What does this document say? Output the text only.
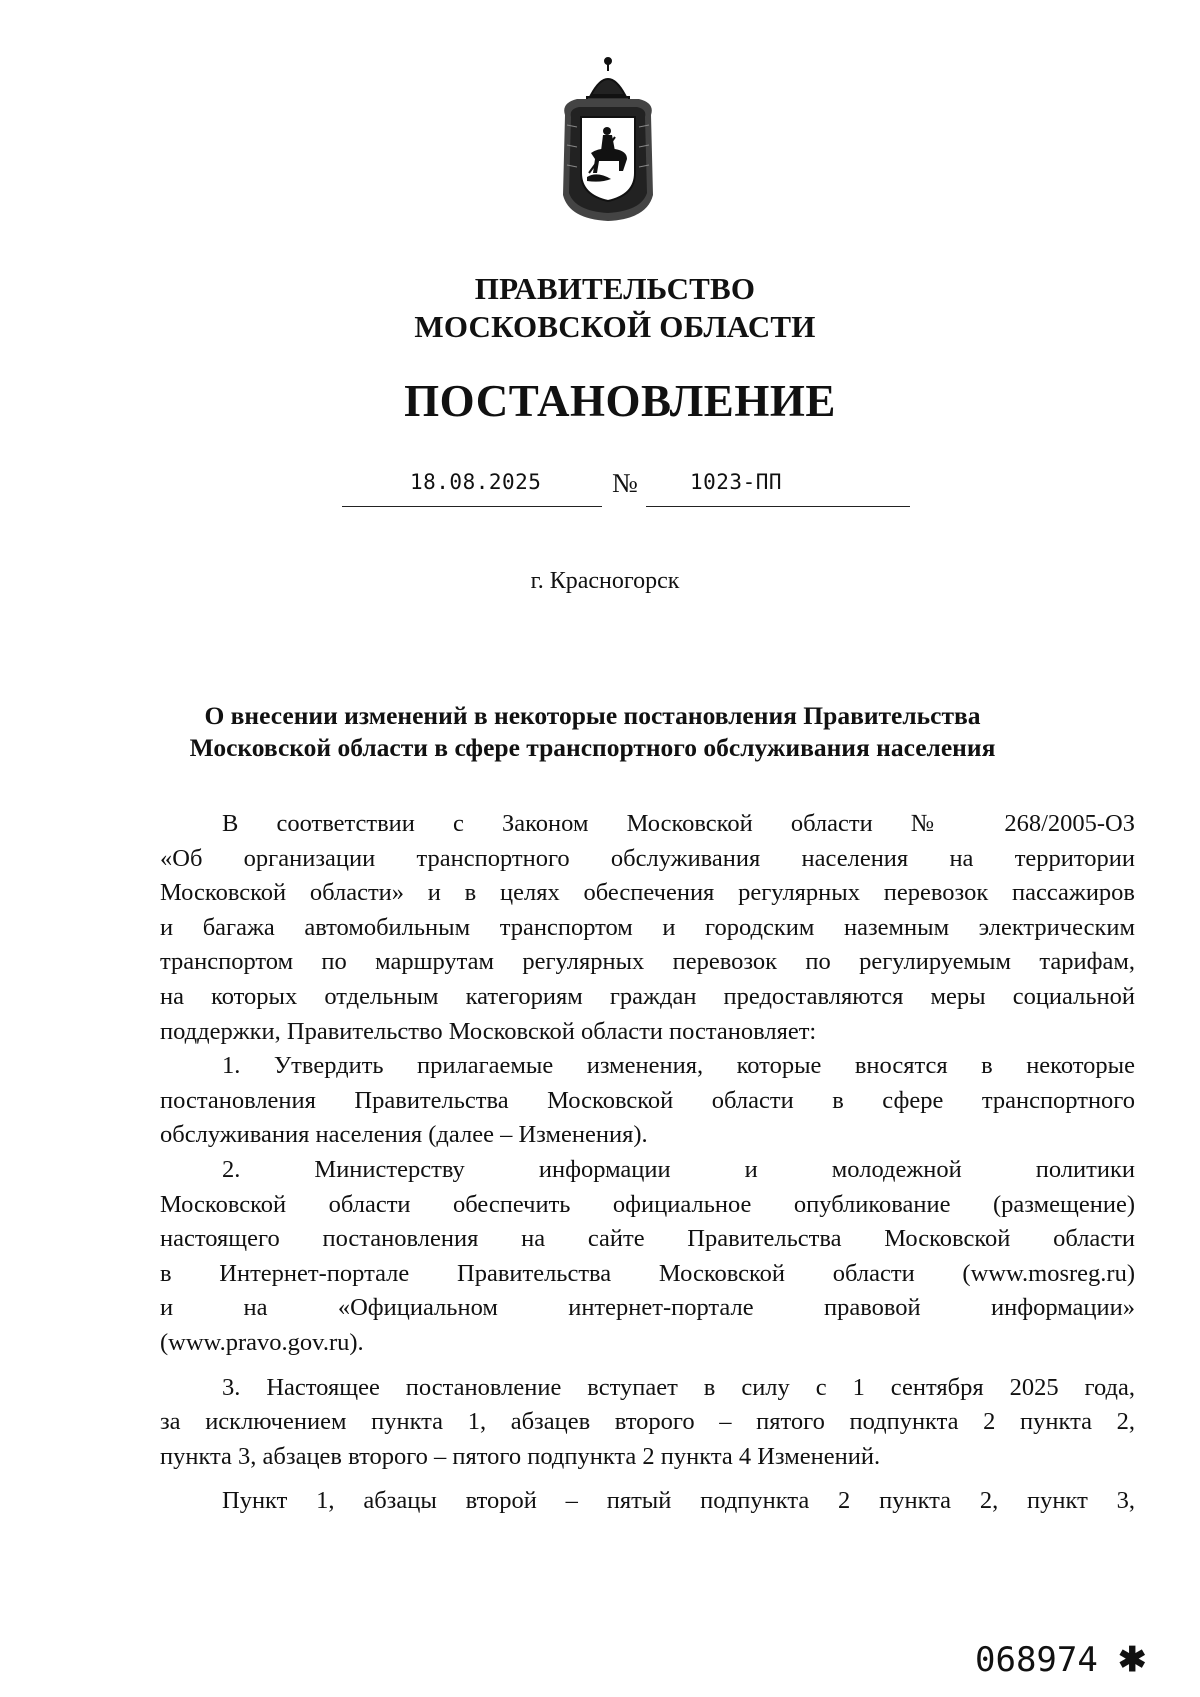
ПРАВИТЕЛЬСТВО
МОСКОВСКОЙ ОБЛАСТИ
ПОСТАНОВЛЕНИЕ
18.08.2025	№ 1023-ПП
г. Красногорск
О внесении изменений в некоторые постановления Правительства
Московской области в сфере транспортного обслуживания населения
В соответствии с Законом Московской области № 268/2005-ОЗ
«Об организации транспортного обслуживания населения на территории
Московской области» и в целях обеспечения регулярных перевозок пассажиров
и багажа автомобильным транспортом и городским наземным электрическим
транспортом по маршрутам регулярных перевозок по регулируемым тарифам,
на которых отдельным категориям граждан предоставляются меры социальной
поддержки, Правительство Московской области постановляет:
1. Утвердить прилагаемые изменения, которые вносятся в некоторые
постановления Правительства Московской области в сфере транспортного
обслуживания населения (далее – Изменения).
2. Министерству информации и молодежной политики
Московской области обеспечить официальное опубликование (размещение)
настоящего постановления на сайте Правительства Московской области
в Интернет-портале Правительства Московской области (www.mosreg.ru)
и на «Официальном интернет-портале правовой информации»
(www.pravo.gov.ru).
3. Настоящее постановление вступает в силу с 1 сентября 2025 года,
за исключением пункта 1, абзацев второго – пятого подпункта 2 пункта 2,
пункта 3, абзацев второго – пятого подпункта 2 пункта 4 Изменений.
Пункт 1, абзацы второй – пятый подпункта 2 пункта 2, пункт 3,
068974 ✱
